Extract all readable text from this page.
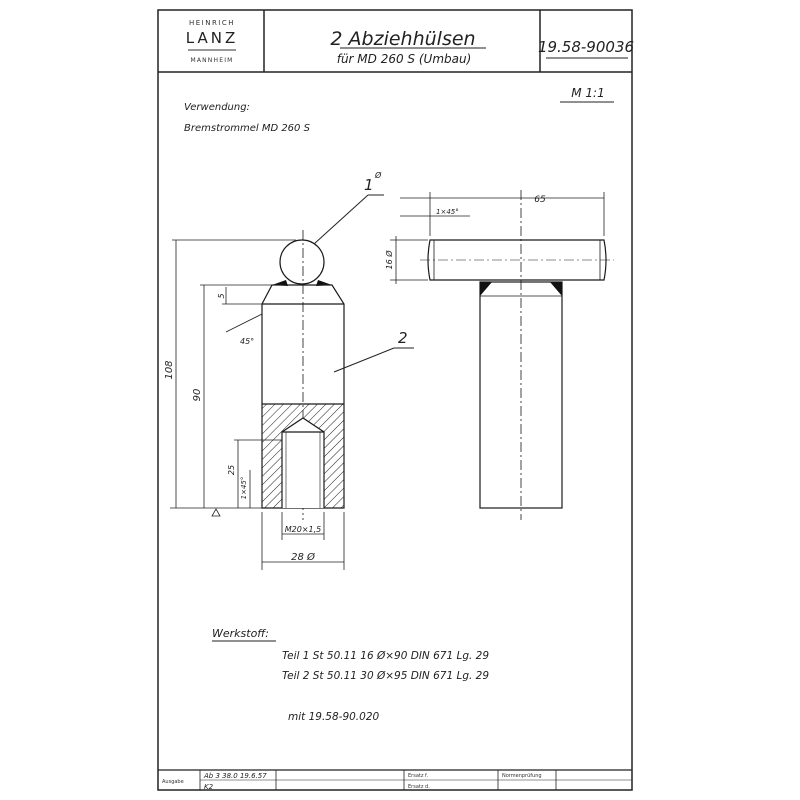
HEINRICH
LANZ
MANNHEIM
2 Abziehhülsen
für MD 260 S (Umbau)
19.58-90036
M 1:1
Verwendung:
Bremstrommel MD 260 S
1
Ø
2
108
90
5
45°
25
1×45°
M20×1,5
28 Ø
65
1×45°
16 Ø
Werkstoff:
Teil 1 St 50.11 16 Ø×90 DIN 671 Lg. 29
Teil 2 St 50.11 30 Ø×95 DIN 671 Lg. 29
mit 19.58-90.020
Ausgabe
Ab 3 38.0 19.6.57
K2
Ersatz f.
Ersatz d.
Normenprüfung
